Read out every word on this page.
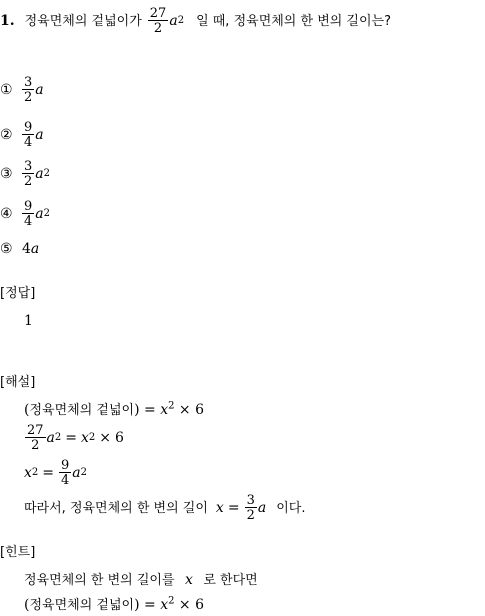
1. 정육면체의 겉넓이가 $\frac{27}{2}$ a 2 일 때, 정육면체의 한 변의 길이는?
① $\frac{3}{2}$ a
② $\frac{9}{4}$ a
③ $\frac{3}{2}$ a 2
④ $\frac{9}{4}$ a 2
⑤ 4 a
[정답]
1
[해설]
(정육면체의 겉넓이) = $x^2 \times 6$
$\frac{27}{2}$ a 2 = x 2 × 6
x $2 = \frac{9}{4}$ a 2
따라서, 정육면체의 한 변의 길이 $x = \frac{3}{2}$ a 이다.
[힌트]
정육면체의 한 변의 길이를 x 로 한다면
(정육면체의 겉넓이) = $x^2 \times 6$
